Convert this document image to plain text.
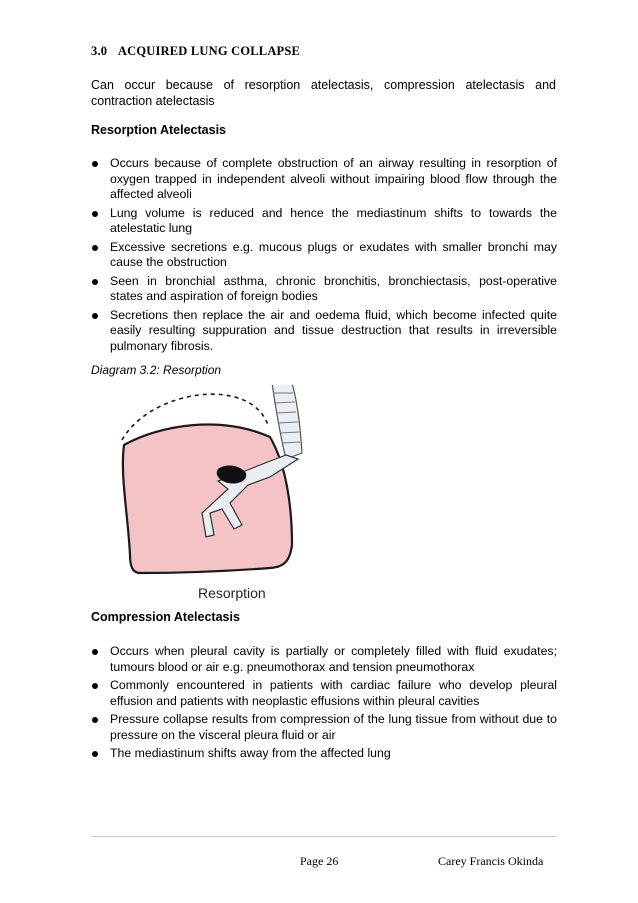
3.0 ACQUIRED LUNG COLLAPSE
Can occur because of resorption atelectasis, compression atelectasis and contraction atelectasis
Resorption Atelectasis
Occurs because of complete obstruction of an airway resulting in resorption of oxygen trapped in independent alveoli without impairing blood flow through the affected alveoli
Lung volume is reduced and hence the mediastinum shifts to towards the atelestatic lung
Excessive secretions e.g. mucous plugs or exudates with smaller bronchi may cause the obstruction
Seen in bronchial asthma, chronic bronchitis, bronchiectasis, post-operative states and aspiration of foreign bodies
Secretions then replace the air and oedema fluid, which become infected quite easily resulting suppuration and tissue destruction that results in irreversible pulmonary fibrosis.
Diagram 3.2: Resorption
Resorption
Compression Atelectasis
Occurs when pleural cavity is partially or completely filled with fluid exudates; tumours blood or air e.g. pneumothorax and tension pneumothorax
Commonly encountered in patients with cardiac failure who develop pleural effusion and patients with neoplastic effusions within pleural cavities
Pressure collapse results from compression of the lung tissue from without due to pressure on the visceral pleura fluid or air
The mediastinum shifts away from the affected lung
Page 26	Carey Francis Okinda
